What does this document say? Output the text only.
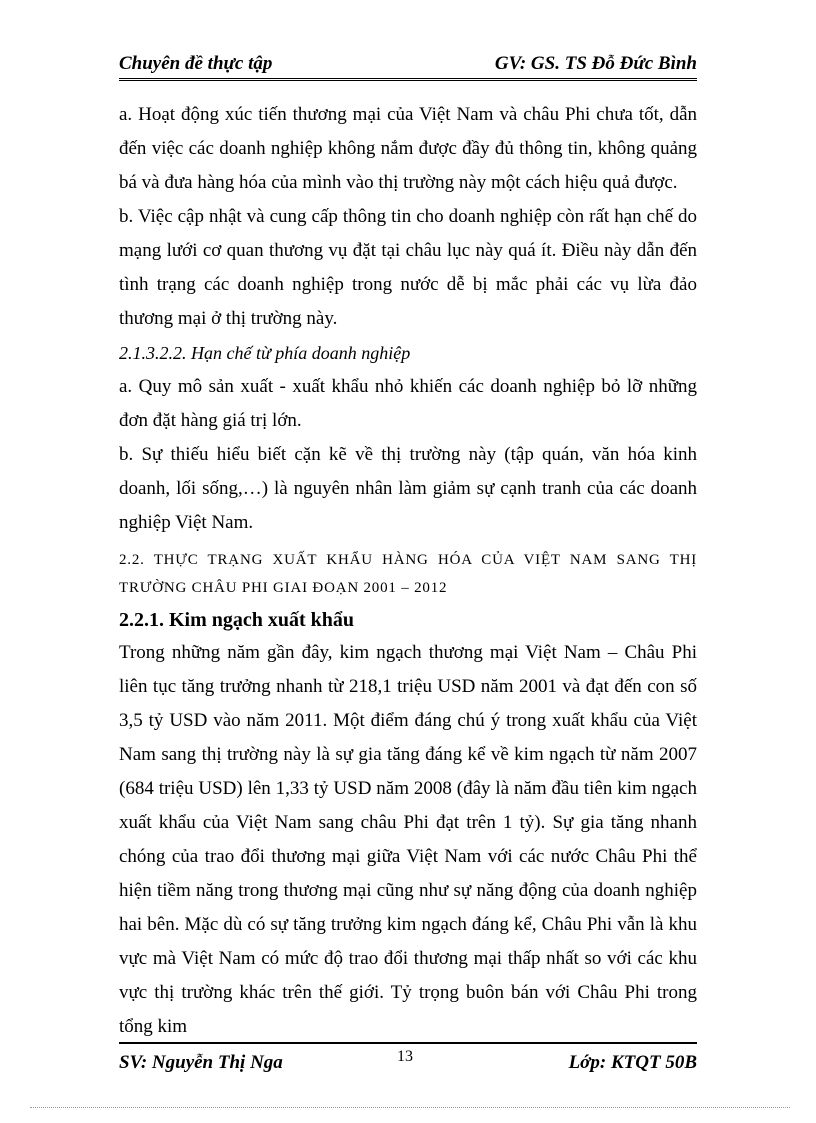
Chuyên đề thực tập	GV: GS. TS Đỗ Đức Bình

a. Hoạt động xúc tiến thương mại của Việt Nam và châu Phi chưa tốt, dẫn đến việc các doanh nghiệp không nắm được đầy đủ thông tin, không quảng bá và đưa hàng hóa của mình vào thị trường này một cách hiệu quả được.

b. Việc cập nhật và cung cấp thông tin cho doanh nghiệp còn rất hạn chế do mạng lưới cơ quan thương vụ đặt tại châu lục này quá ít. Điều này dẫn đến tình trạng các doanh nghiệp trong nước dễ bị mắc phải các vụ lừa đảo thương mại ở thị trường này.

2.1.3.2.2. Hạn chế từ phía doanh nghiệp

a. Quy mô sản xuất - xuất khẩu nhỏ khiến các doanh nghiệp bỏ lỡ những đơn đặt hàng giá trị lớn.

b. Sự thiếu hiểu biết cặn kẽ về thị trường này (tập quán, văn hóa kinh doanh, lối sống,…) là nguyên nhân làm giảm sự cạnh tranh của các doanh nghiệp Việt Nam.

2.2. THỰC TRẠNG XUẤT KHẨU HÀNG HÓA CỦA VIỆT NAM SANG THỊ TRƯỜNG CHÂU PHI GIAI ĐOẠN 2001 – 2012

2.2.1. Kim ngạch xuất khẩu

Trong những năm gần đây, kim ngạch thương mại Việt Nam – Châu Phi liên tục tăng trưởng nhanh từ 218,1 triệu USD năm 2001 và đạt đến con số 3,5 tỷ USD vào năm 2011. Một điểm đáng chú ý trong xuất khẩu của Việt Nam sang thị trường này là sự gia tăng đáng kể về kim ngạch từ năm 2007 (684 triệu USD) lên 1,33 tỷ USD năm 2008 (đây là năm đầu tiên kim ngạch xuất khẩu của Việt Nam sang châu Phi đạt trên 1 tỷ). Sự gia tăng nhanh chóng của trao đổi thương mại giữa Việt Nam với các nước Châu Phi thể hiện tiềm năng trong thương mại cũng như sự năng động của doanh nghiệp hai bên. Mặc dù có sự tăng trưởng kim ngạch đáng kể, Châu Phi vẫn là khu vực mà Việt Nam có mức độ trao đổi thương mại thấp nhất so với các khu vực thị trường khác trên thế giới. Tỷ trọng buôn bán với Châu Phi trong tổng kim

SV: Nguyễn Thị Nga	13	Lớp: KTQT 50B
